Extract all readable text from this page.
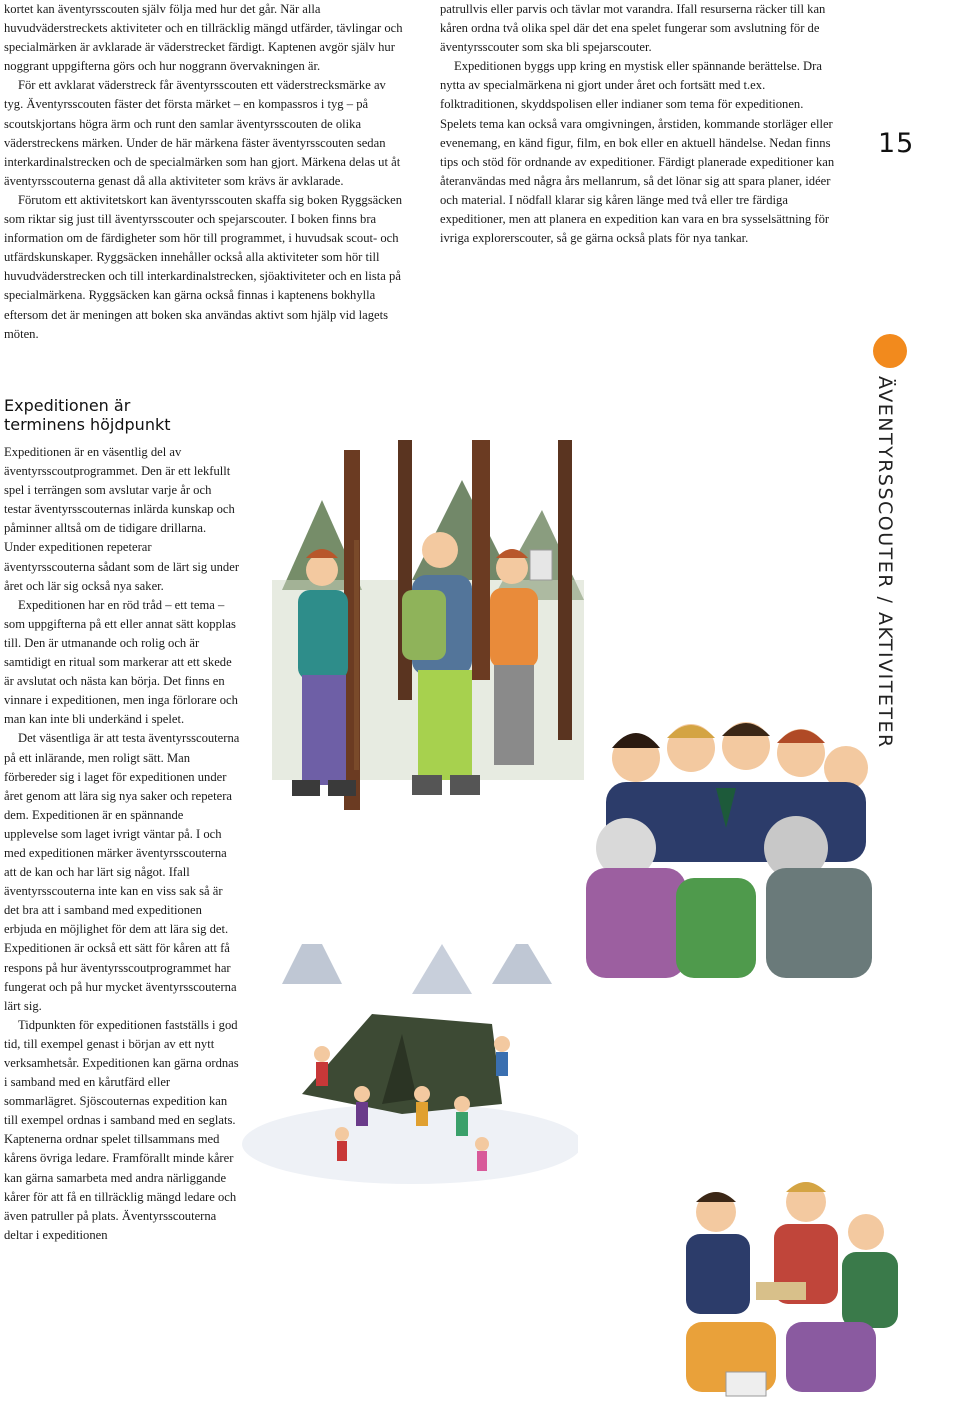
kortet kan äventyrsscouten själv följa med hur det går. När alla huvudväderstreckets aktiviteter och en tillräcklig mängd utfärder, tävlingar och specialmärken är avklarade är väderstrecket färdigt. Kaptenen avgör själv hur noggrant uppgifterna görs och hur noggrann övervakningen är.

För ett avklarat väderstreck får äventyrsscouten ett väderstrecksmärke av tyg. Äventyrsscouten fäster det första märket – en kompassros i tyg – på scoutskjortans högra ärm och runt den samlar äventyrsscouten de olika väderstreckens märken. Under de här märkena fäster äventyrsscouten sedan interkardinalstrecken och de specialmärken som han gjort. Märkena delas ut åt äventyrsscouterna genast då alla aktiviteter som krävs är avklarade.

Förutom ett aktivitetskort kan äventyrsscouten skaffa sig boken Ryggsäcken som riktar sig just till äventyrsscouter och spejarscouter. I boken finns bra information om de färdigheter som hör till programmet, i huvudsak scout- och utfärdskunskaper. Ryggsäcken innehåller också alla aktiviteter som hör till huvudväderstrecken och till interkardinalstrecken, sjöaktiviteter och en lista på specialmärkena. Ryggsäcken kan gärna också finnas i kaptenens bokhylla eftersom det är meningen att boken ska användas aktivt som hjälp vid lagets möten.

Expeditionen är
terminens höjdpunkt

Expeditionen är en väsentlig del av äventyrsscoutprogrammet. Den är ett lekfullt spel i terrängen som avslutar varje år och testar äventyrsscouternas inlärda kunskap och påminner alltså om de tidigare drillarna. Under expeditionen repeterar äventyrsscouterna sådant som de lärt sig under året och lär sig också nya saker.

Expeditionen har en röd tråd – ett tema – som uppgifterna på ett eller annat sätt kopplas till. Den är utmanande och rolig och är samtidigt en ritual som markerar att ett skede är avslutat och nästa kan börja. Det finns en vinnare i expeditionen, men inga förlorare och man kan inte bli underkänd i spelet.

Det väsentliga är att testa äventyrsscouterna på ett inlärande, men roligt sätt. Man förbereder sig i laget för expeditionen under året genom att lära sig nya saker och repetera dem. Expeditionen är en spännande upplevelse som laget ivrigt väntar på. I och med expeditionen märker äventyrsscouterna att de kan och har lärt sig något. Ifall äventyrsscouterna inte kan en viss sak så är det bra att i samband med expeditionen erbjuda en möjlighet för dem att lära sig det. Expeditionen är också ett sätt för kåren att få respons på hur äventyrsscoutprogrammet har fungerat och på hur mycket äventyrsscouterna lärt sig.

Tidpunkten för expeditionen fastställs i god tid, till exempel genast i början av ett nytt verksamhetsår. Expeditionen kan gärna ordnas i samband med en kårutfärd eller sommarlägret. Sjöscouternas expedition kan till exempel ordnas i samband med en seglats. Kaptenerna ordnar spelet tillsammans med kårens övriga ledare. Framförallt minde kårer kan gärna samarbeta med andra närliggande kårer för att få en tillräcklig mängd ledare och även patruller på plats. Äventyrsscouterna deltar i expeditionen

patrullvis eller parvis och tävlar mot varandra. Ifall resurserna räcker till kan kåren ordna två olika spel där det ena spelet fungerar som avslutning för de äventyrsscouter som ska bli spejarscouter.

Expeditionen byggs upp kring en mystisk eller spännande berättelse. Dra nytta av specialmärkena ni gjort under året och fortsätt med t.ex. folktraditionen, skyddspolisen eller indianer som tema för expeditionen. Spelets tema kan också vara omgivningen, årstiden, kommande storläger eller evenemang, en känd figur, film, en bok eller en aktuell händelse. Nedan finns tips och stöd för ordnande av expeditioner. Färdigt planerade expeditioner kan återanvändas med några års mellanrum, så det lönar sig att spara planer, idéer och material. I nödfall klarar sig kåren länge med två eller tre färdiga expeditioner, men att planera en expedition kan vara en bra sysselsättning för ivriga explorerscouter, så ge gärna också plats för nya tankar.

15
ÄVENTYRSSCOUTER / AKTIVITETER
